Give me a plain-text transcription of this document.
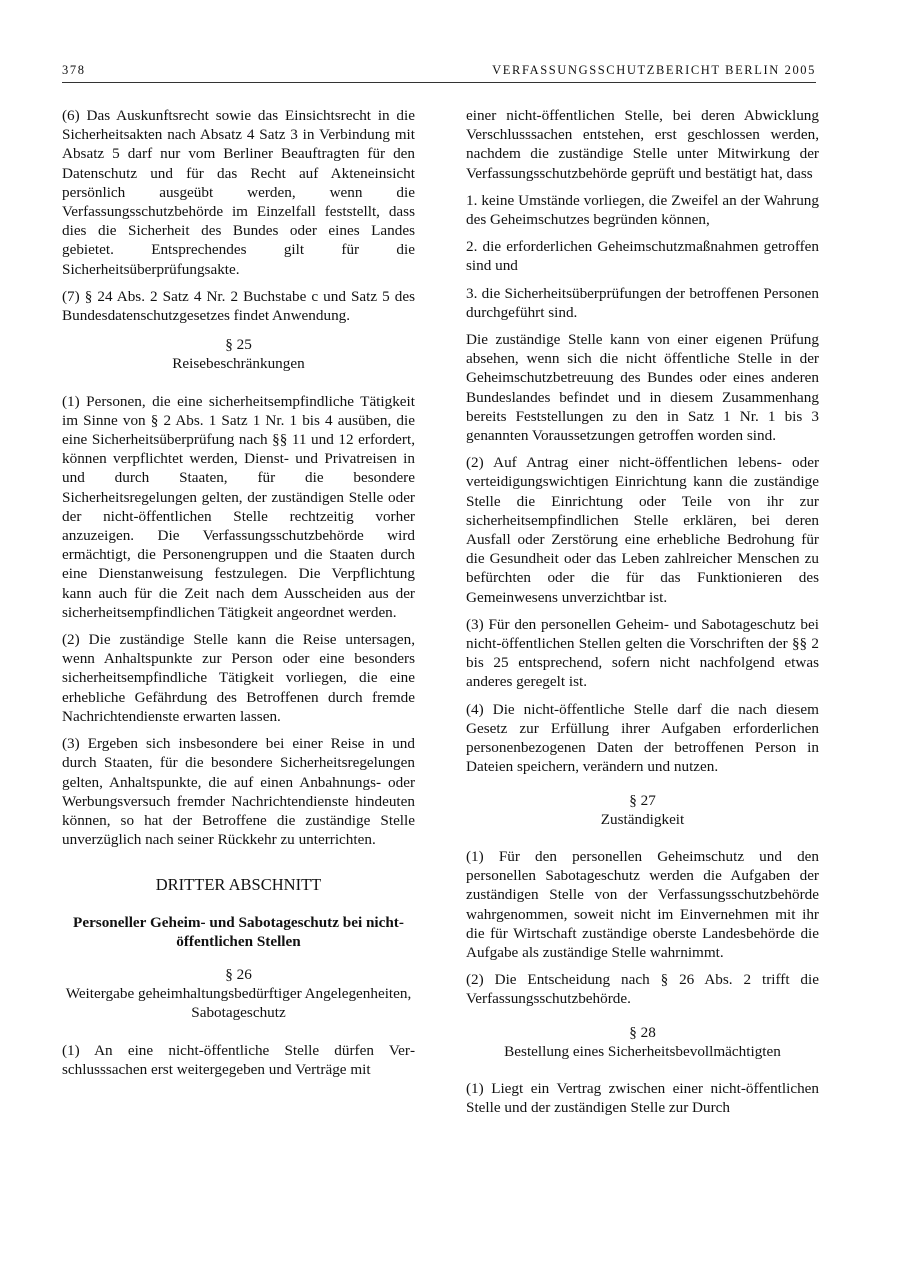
378	VERFASSUNGSSCHUTZBERICHT BERLIN 2005

(6) Das Auskunftsrecht sowie das Einsichtsrecht in die Sicherheitsakten nach Absatz 4 Satz 3 in Verbindung mit Absatz 5 darf nur vom Berliner Beauftragten für den Datenschutz und für das Recht auf Akteneinsicht persönlich ausgeübt werden, wenn die Verfassungsschutzbehörde im Einzelfall feststellt, dass dies die Sicherheit des Bundes oder eines Landes gebietet. Entsprechendes gilt für die Sicherheitsüberprüfungsakte.

(7) § 24 Abs. 2 Satz 4 Nr. 2 Buchstabe c und Satz 5 des Bundesdatenschutzgesetzes findet Anwendung.

§ 25
Reisebeschränkungen

(1) Personen, die eine sicherheitsempfindliche Tätigkeit im Sinne von § 2 Abs. 1 Satz 1 Nr. 1 bis 4 ausüben, die eine Sicherheitsüberprüfung nach §§ 11 und 12 erfordert, können verpflichtet werden, Dienst- und Privatreisen in und durch Staaten, für die besondere Sicherheitsregelungen gelten, der zuständigen Stelle oder der nicht-öffentlichen Stelle rechtzeitig vorher anzuzeigen. Die Verfassungsschutzbehörde wird ermächtigt, die Personengruppen und die Staaten durch eine Dienstanweisung festzulegen. Die Verpflichtung kann auch für die Zeit nach dem Ausscheiden aus der sicherheitsempfindlichen Tätigkeit angeordnet werden.

(2) Die zuständige Stelle kann die Reise untersagen, wenn Anhaltspunkte zur Person oder eine besonders sicherheitsempfindliche Tätigkeit vorliegen, die eine erhebliche Gefährdung des Betroffenen durch fremde Nachrichtendienste erwarten lassen.

(3) Ergeben sich insbesondere bei einer Reise in und durch Staaten, für die besondere Sicherheitsregelungen gelten, Anhaltspunkte, die auf einen Anbahnungs- oder Werbungsversuch fremder Nachrichtendienste hindeuten können, so hat der Betroffene die zuständige Stelle unverzüglich nach seiner Rückkehr zu unterrichten.

DRITTER ABSCHNITT
Personeller Geheim- und Sabotageschutz bei nicht-öffentlichen Stellen
§ 26
Weitergabe geheimhaltungsbedürftiger Angelegenheiten, Sabotageschutz

(1) An eine nicht-öffentliche Stelle dürfen Verschlusssachen erst weitergegeben und Verträge mit

einer nicht-öffentlichen Stelle, bei deren Abwicklung Verschlusssachen entstehen, erst geschlossen werden, nachdem die zuständige Stelle unter Mitwirkung der Verfassungsschutzbehörde geprüft und bestätigt hat, dass

1. keine Umstände vorliegen, die Zweifel an der Wahrung des Geheimschutzes begründen können,

2. die erforderlichen Geheimschutzmaßnahmen getroffen sind und

3. die Sicherheitsüberprüfungen der betroffenen Personen durchgeführt sind.

Die zuständige Stelle kann von einer eigenen Prüfung absehen, wenn sich die nicht öffentliche Stelle in der Geheimschutzbetreuung des Bundes oder eines anderen Bundeslandes befindet und in diesem Zusammenhang bereits Feststellungen zu den in Satz 1 Nr. 1 bis 3 genannten Voraussetzungen getroffen worden sind.

(2) Auf Antrag einer nicht-öffentlichen lebens- oder verteidigungswichtigen Einrichtung kann die zuständige Stelle die Einrichtung oder Teile von ihr zur sicherheitsempfindlichen Stelle erklären, bei deren Ausfall oder Zerstörung eine erhebliche Bedrohung für die Gesundheit oder das Leben zahlreicher Menschen zu befürchten oder die für das Funktionieren des Gemeinwesens unverzichtbar ist.

(3) Für den personellen Geheim- und Sabotageschutz bei nicht-öffentlichen Stellen gelten die Vorschriften der §§ 2 bis 25 entsprechend, sofern nicht nachfolgend etwas anderes geregelt ist.

(4) Die nicht-öffentliche Stelle darf die nach diesem Gesetz zur Erfüllung ihrer Aufgaben erforderlichen personenbezogenen Daten der betroffenen Person in Dateien speichern, verändern und nutzen.

§ 27
Zuständigkeit

(1) Für den personellen Geheimschutz und den personellen Sabotageschutz werden die Aufgaben der zuständigen Stelle von der Verfassungsschutzbehörde wahrgenommen, soweit nicht im Einvernehmen mit ihr die für Wirtschaft zuständige oberste Landesbehörde die Aufgabe als zuständige Stelle wahrnimmt.

(2) Die Entscheidung nach § 26 Abs. 2 trifft die Verfassungsschutzbehörde.

§ 28
Bestellung eines Sicherheitsbevollmächtigten

(1) Liegt ein Vertrag zwischen einer nicht-öffentlichen Stelle und der zuständigen Stelle zur Durch
